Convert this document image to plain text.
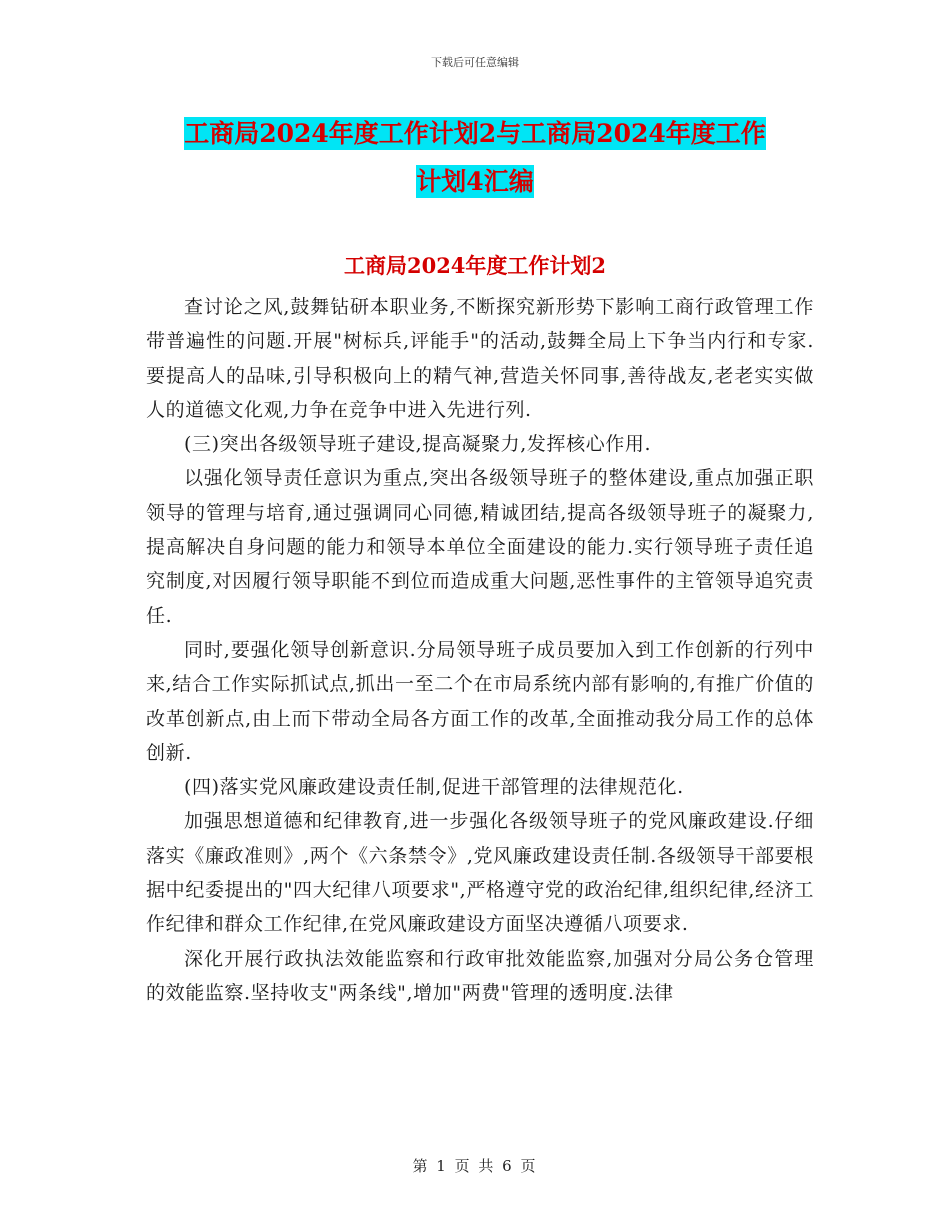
下载后可任意编辑
工商局2024年度工作计划2与工商局2024年度工作
计划4汇编
工商局2024年度工作计划2

查讨论之风,鼓舞钻研本职业务,不断探究新形势下影响工商行政管理工作带普遍性的问题.开展"树标兵,评能手"的活动,鼓舞全局上下争当内行和专家.要提高人的品味,引导积极向上的精气神,营造关怀同事,善待战友,老老实实做人的道德文化观,力争在竞争中进入先进行列.

(三)突出各级领导班子建设,提高凝聚力,发挥核心作用.

以强化领导责任意识为重点,突出各级领导班子的整体建设,重点加强正职领导的管理与培育,通过强调同心同德,精诚团结,提高各级领导班子的凝聚力,提高解决自身问题的能力和领导本单位全面建设的能力.实行领导班子责任追究制度,对因履行领导职能不到位而造成重大问题,恶性事件的主管领导追究责任.

同时,要强化领导创新意识.分局领导班子成员要加入到工作创新的行列中来,结合工作实际抓试点,抓出一至二个在市局系统内部有影响的,有推广价值的改革创新点,由上而下带动全局各方面工作的改革,全面推动我分局工作的总体创新.

(四)落实党风廉政建设责任制,促进干部管理的法律规范化.

加强思想道德和纪律教育,进一步强化各级领导班子的党风廉政建设.仔细落实《廉政准则》,两个《六条禁令》,党风廉政建设责任制.各级领导干部要根据中纪委提出的"四大纪律八项要求",严格遵守党的政治纪律,组织纪律,经济工作纪律和群众工作纪律,在党风廉政建设方面坚决遵循八项要求.

深化开展行政执法效能监察和行政审批效能监察,加强对分局公务仓管理的效能监察.坚持收支"两条线",增加"两费"管理的透明度.法律

第 1 页 共 6 页
